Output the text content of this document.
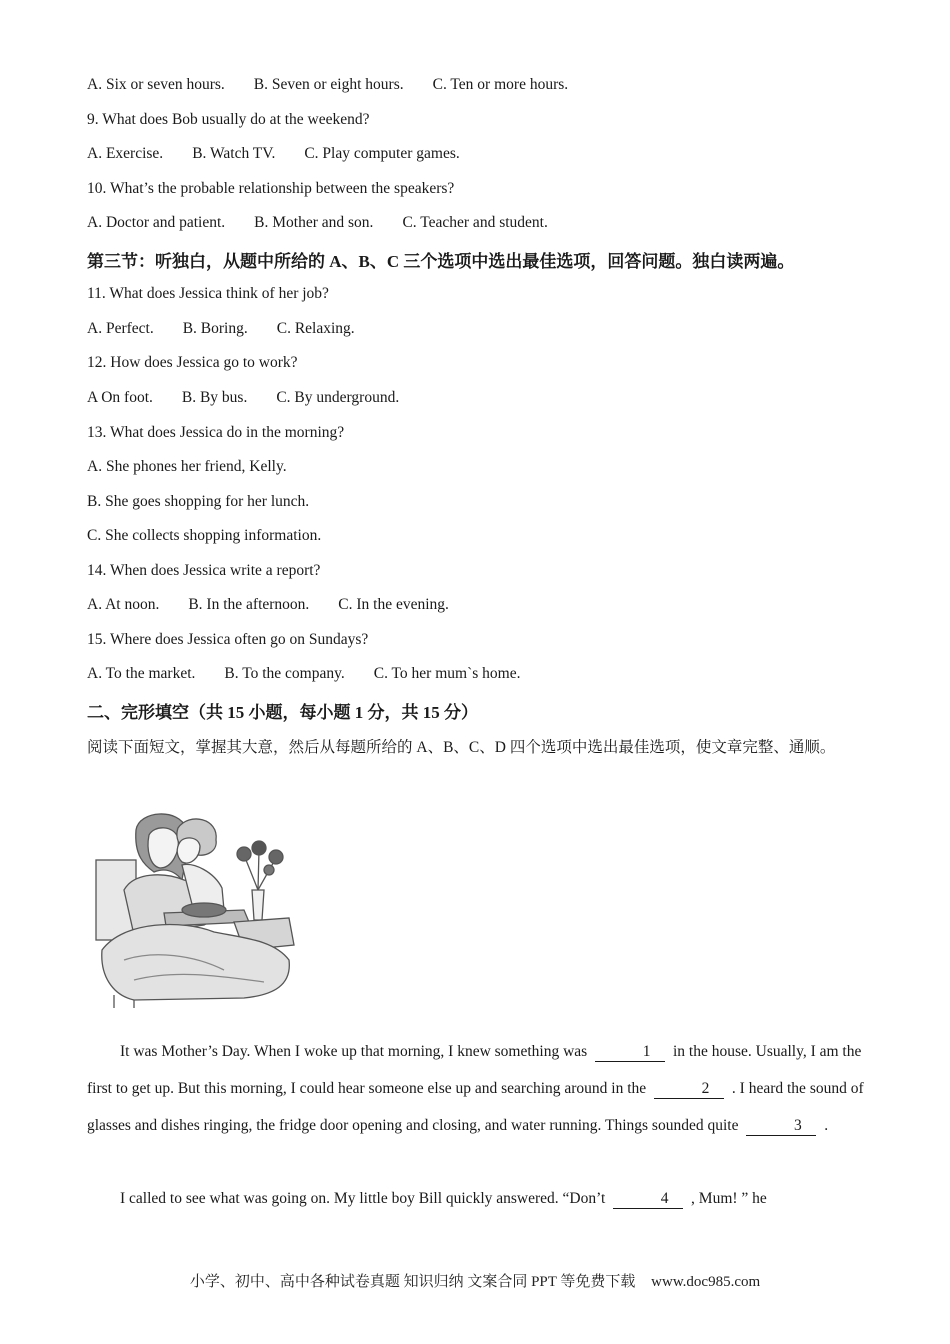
A. Six or seven hours. B. Seven or eight hours. C. Ten or more hours.
9. What does Bob usually do at the weekend?
A. Exercise. B. Watch TV. C. Play computer games.
10. What’s the probable relationship between the speakers?
A. Doctor and patient. B. Mother and son. C. Teacher and student.
第三节：听独白，从题中所给的 A、B、C 三个选项中选出最佳选项，回答问题。独白读两遍。
11. What does Jessica think of her job?
A. Perfect. B. Boring. C. Relaxing.
12. How does Jessica go to work?
A On foot. B. By bus. C. By underground.
13. What does Jessica do in the morning?
A. She phones her friend, Kelly.
B. She goes shopping for her lunch.
C. She collects shopping information.
14. When does Jessica write a report?
A. At noon. B. In the afternoon. C. In the evening.
15. Where does Jessica often go on Sundays?
A. To the market. B. To the company. C. To her mum`s home.
二、完形填空（共 15 小题，每小题 1 分，共 15 分）
阅读下面短文，掌握其大意，然后从每题所给的 A、B、C、D 四个选项中选出最佳选项，使文章完整、通顺。
It was Mother’s Day. When I woke up that morning, I knew something was	1 in the house. Usually, I am the first to get up. But this morning, I could hear someone else up and searching around in the	2 . I heard the sound of glasses and dishes ringing, the fridge door opening and closing, and water running. Things sounded quite	3 .
I called to see what was going on. My little boy Bill quickly answered. “Don’t	4 , Mum! ” he
小学、初中、高中各种试卷真题 知识归纳 文案合同 PPT 等免费下载 www.doc985.com
